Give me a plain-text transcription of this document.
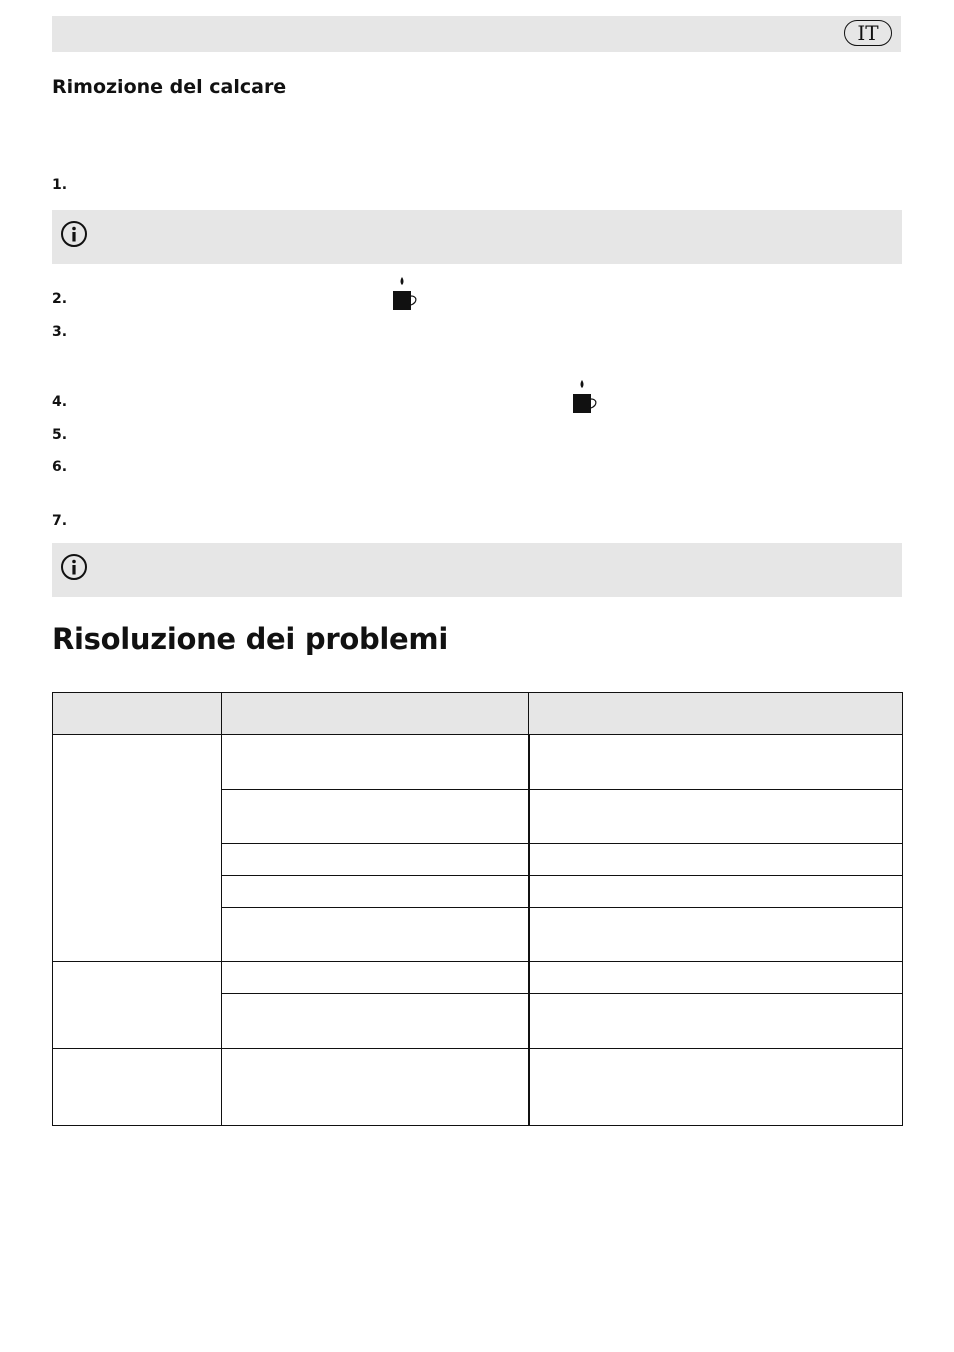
IT
Rimozione del calcare
1.
2.
3.
4.
5.
6.
7.
Risoluzione dei problemi
